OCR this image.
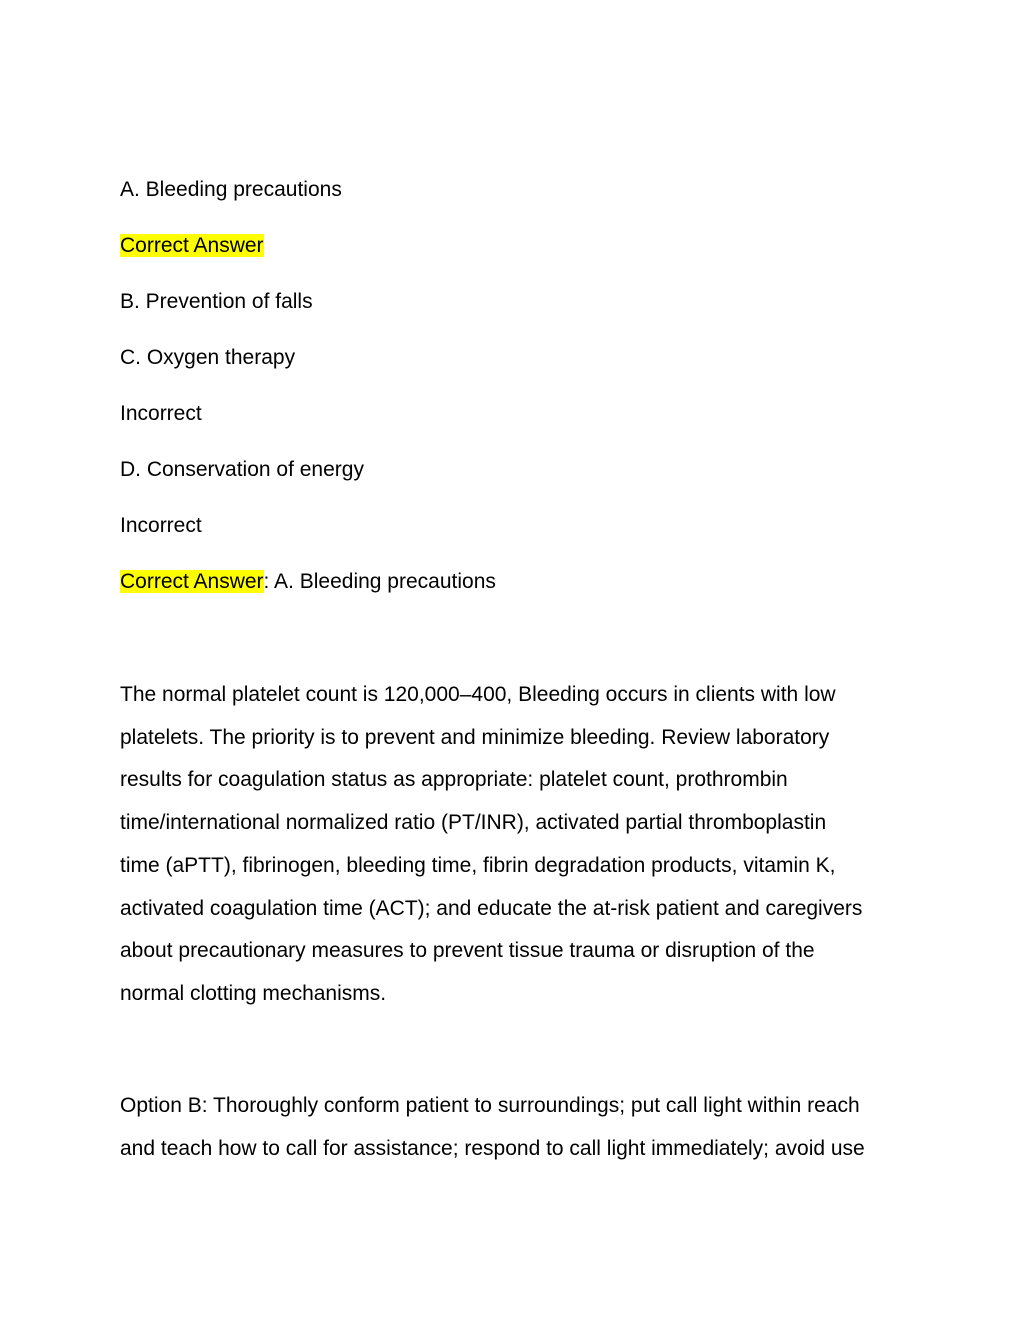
A. Bleeding precautions
Correct Answer
B. Prevention of falls
C. Oxygen therapy
Incorrect
D. Conservation of energy
Incorrect
Correct Answer: A. Bleeding precautions
The normal platelet count is 120,000–400, Bleeding occurs in clients with low
platelets. The priority is to prevent and minimize bleeding. Review laboratory
results for coagulation status as appropriate: platelet count, prothrombin
time/international normalized ratio (PT/INR), activated partial thromboplastin
time (aPTT), fibrinogen, bleeding time, fibrin degradation products, vitamin K,
activated coagulation time (ACT); and educate the at-risk patient and caregivers
about precautionary measures to prevent tissue trauma or disruption of the
normal clotting mechanisms.
Option B: Thoroughly conform patient to surroundings; put call light within reach
and teach how to call for assistance; respond to call light immediately; avoid use
